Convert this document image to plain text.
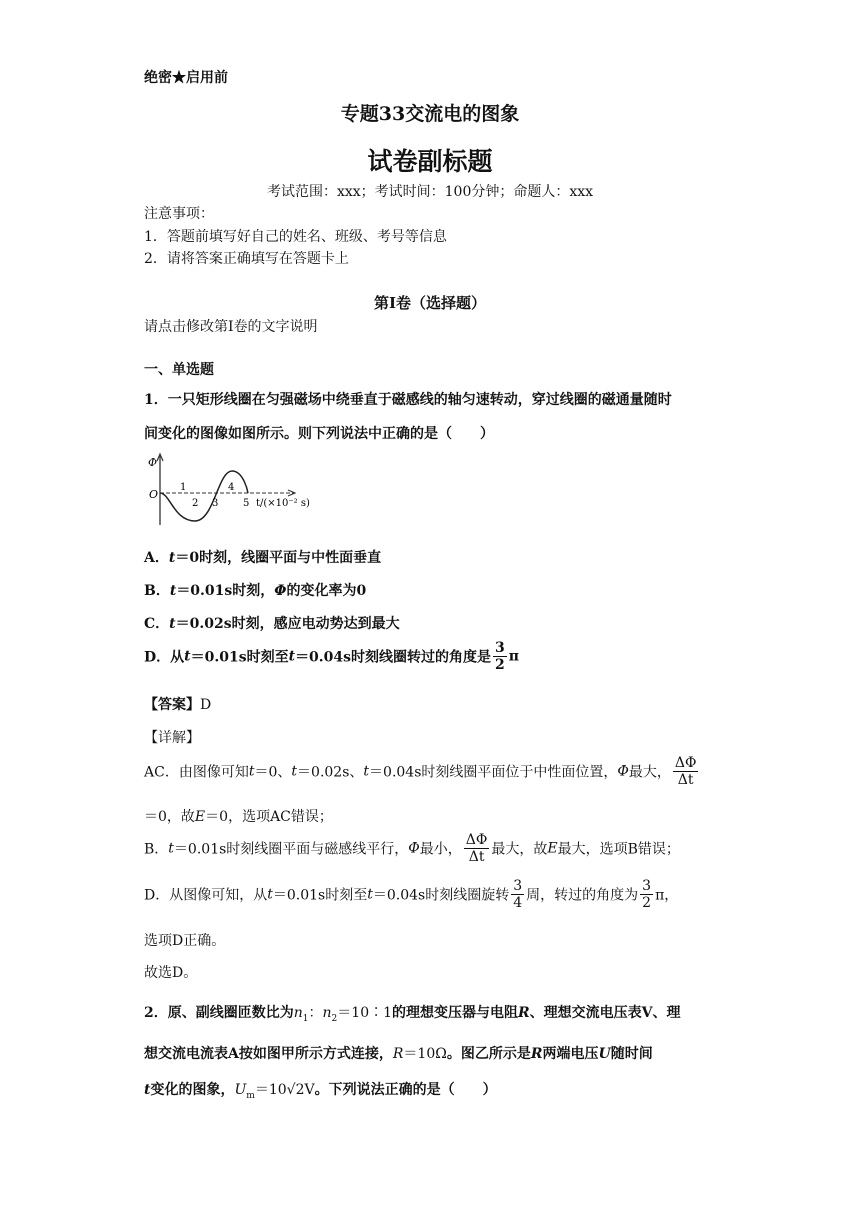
绝密★启用前
专题33交流电的图象
试卷副标题
考试范围：xxx；考试时间：100分钟；命题人：xxx
注意事项：
1．答题前填写好自己的姓名、班级、考号等信息
2．请将答案正确填写在答题卡上
第I卷（选择题）
请点击修改第I卷的文字说明
一、单选题
1．一只矩形线圈在匀强磁场中绕垂直于磁感线的轴匀速转动，穿过线圈的磁通量随时
间变化的图像如图所示。则下列说法中正确的是（　　）
Φ
O
1
2 3
4
5 t/(×10⁻² s)
A．t＝0时刻，线圈平面与中性面垂直
B．t＝0.01s时刻，Φ的变化率为0
C．t＝0.02s时刻，感应电动势达到最大
D．从t＝0.01s时刻至t＝0.04s时刻线圈转过的角度是 $\frac{3}{2}$ π
【答案】D
【详解】
AC．由图像可知t＝0、t＝0.02s、t＝0.04s时刻线圈平面位于中性面位置，Φ最大， $\frac{\Delta\Phi}{\Delta t}$
＝0，故E＝0，选项AC错误；
B．t＝0.01s时刻线圈平面与磁感线平行，Φ最小， $\frac{\Delta\Phi}{\Delta t}$ 最大，故E最大，选项B错误；
D．从图像可知，从t＝0.01s时刻至t＝0.04s时刻线圈旋转 $\frac{3}{4}$ 周，转过的角度为 $\frac{3}{2}$ π，
选项D正确。
故选D。
2．原、副线圈匝数比为$n_1$：$n_2=10∶1$的理想变压器与电阻R、理想交流电压表V、理
想交流电流表A按如图甲所示方式连接，R＝10Ω。图乙所示是R两端电压U随时间
t变化的图象，$U_m=10√2V$。下列说法正确的是（　　）
